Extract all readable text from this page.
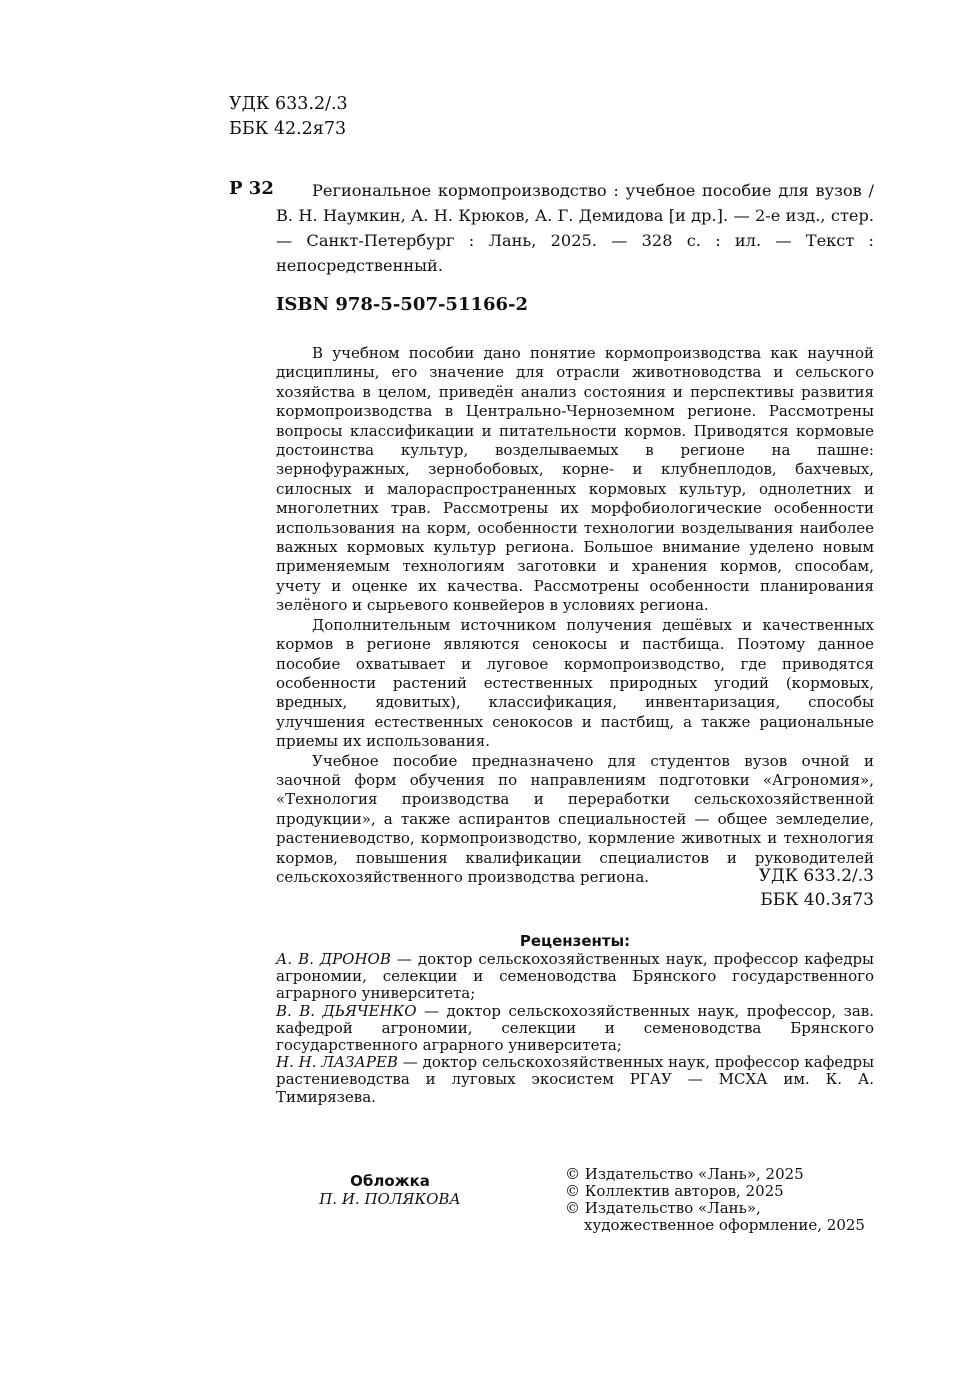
УДК 633.2/.3
ББК 42.2я73
Р 32	Региональное кормопроизводство : учебное пособие для вузов / В. Н. Наумкин, А. Н. Крюков, А. Г. Демидова [и др.]. — 2-е изд., стер. — Санкт-Петербург : Лань, 2025. — 328 с. : ил. — Текст : непосредственный.
ISBN 978-5-507-51166-2

В учебном пособии дано понятие кормопроизводства как научной дисциплины, его значение для отрасли животноводства и сельского хозяйства в целом, приведён анализ состояния и перспективы развития кормопроизводства в Центрально-Черноземном регионе. Рассмотрены вопросы классификации и питательности кормов. Приводятся кормовые достоинства культур, возделываемых в регионе на пашне: зернофуражных, зернобобовых, корне- и клубнеплодов, бахчевых, силосных и малораспространенных кормовых культур, однолетних и многолетних трав. Рассмотрены их морфобиологические особенности использования на корм, особенности технологии возделывания наиболее важных кормовых культур региона. Большое внимание уделено новым применяемым технологиям заготовки и хранения кормов, способам, учету и оценке их качества. Рассмотрены особенности планирования зелёного и сырьевого конвейеров в условиях региона.

Дополнительным источником получения дешёвых и качественных кормов в регионе являются сенокосы и пастбища. Поэтому данное пособие охватывает и луговое кормопроизводство, где приводятся особенности растений естественных природных угодий (кормовых, вредных, ядовитых), классификация, инвентаризация, способы улучшения естественных сенокосов и пастбищ, а также рациональные приемы их использования.

Учебное пособие предназначено для студентов вузов очной и заочной форм обучения по направлениям подготовки «Агрономия», «Технология производства и переработки сельскохозяйственной продукции», а также аспирантов специальностей — общее земледелие, растениеводство, кормопроизводство, кормление животных и технология кормов, повышения квалификации специалистов и руководителей сельскохозяйственного производства региона.	УДК 633.2/.3
ББК 40.3я73
Рецензенты:

А. В. ДРОНОВ — доктор сельскохозяйственных наук, профессор кафедры агрономии, селекции и семеноводства Брянского государственного аграрного университета;

В. В. ДЬЯЧЕНКО — доктор сельскохозяйственных наук, профессор, зав. кафедрой агрономии, селекции и семеноводства Брянского государственного аграрного университета;

Н. Н. ЛАЗАРЕВ — доктор сельскохозяйственных наук, профессор кафедры растениеводства и луговых экосистем РГАУ — МСХА им. К. А. Тимирязева.

Обложка
П. И. ПОЛЯКОВА
© Издательство «Лань», 2025
© Коллектив авторов, 2025
© Издательство «Лань»,
художественное оформление, 2025
